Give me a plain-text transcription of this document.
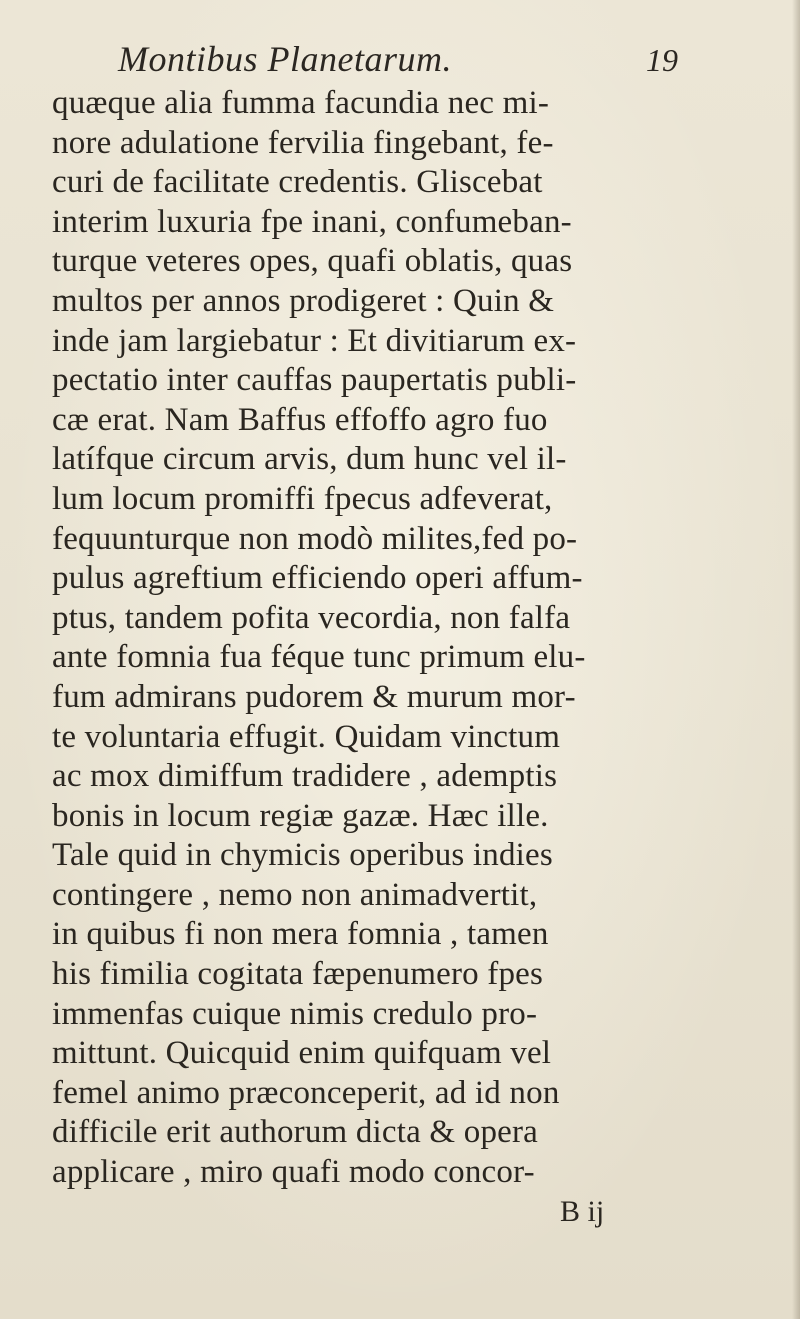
Montibus Planetarum.	19
quæque alia fumma facundia nec mi-
nore adulatione fervilia fingebant, fe-
curi de facilitate credentis. Gliscebat
interim luxuria fpe inani, confumeban-
turque veteres opes, quafi oblatis, quas
multos per annos prodigeret : Quin &
inde jam largiebatur : Et divitiarum ex-
pectatio inter cauffas paupertatis publi-
cæ erat. Nam Baffus effoffo agro fuo
latífque circum arvis, dum hunc vel il-
lum locum promiffi fpecus adfeverat,
fequunturque non modò milites,fed po-
pulus agreftium efficiendo operi affum-
ptus, tandem pofita vecordia, non falfa
ante fomnia fua féque tunc primum elu-
fum admirans pudorem & murum mor-
te voluntaria effugit. Quidam vinctum
ac mox dimiffum tradidere , ademptis
bonis in locum regiæ gazæ. Hæc ille.
Tale quid in chymicis operibus indies
contingere , nemo non animadvertit,
in quibus fi non mera fomnia , tamen
his fimilia cogitata fæpenumero fpes
immenfas cuique nimis credulo pro-
mittunt. Quicquid enim quifquam vel
femel animo præconceperit, ad id non
difficile erit authorum dicta & opera
applicare , miro quafi modo concor-
B ij
